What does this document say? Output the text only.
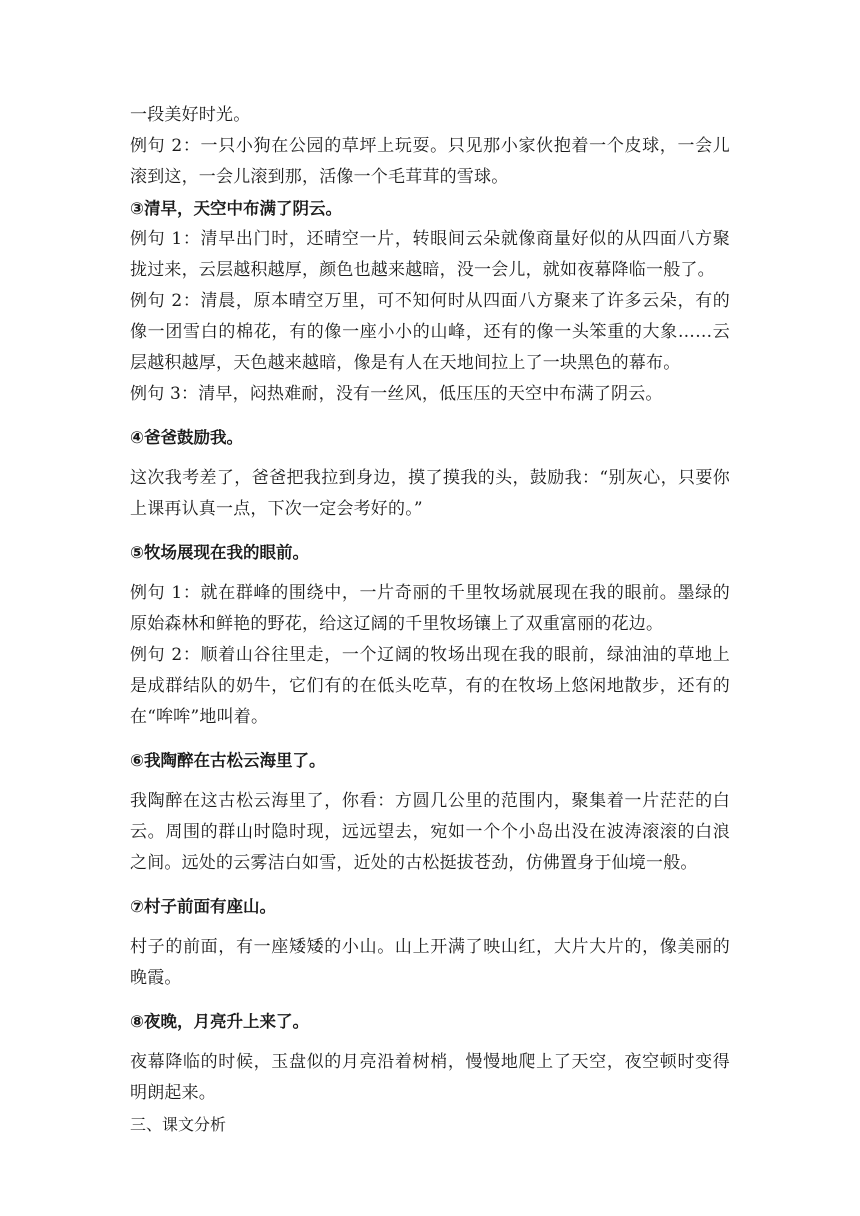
一段美好时光。

例句 2：一只小狗在公园的草坪上玩耍。只见那小家伙抱着一个皮球，一会儿滚到这，一会儿滚到那，活像一个毛茸茸的雪球。

③清早，天空中布满了阴云。

例句 1：清早出门时，还晴空一片，转眼间云朵就像商量好似的从四面八方聚拢过来，云层越积越厚，颜色也越来越暗，没一会儿，就如夜幕降临一般了。

例句 2：清晨，原本晴空万里，可不知何时从四面八方聚来了许多云朵，有的像一团雪白的棉花，有的像一座小小的山峰，还有的像一头笨重的大象……云层越积越厚，天色越来越暗，像是有人在天地间拉上了一块黑色的幕布。

例句 3：清早，闷热难耐，没有一丝风，低压压的天空中布满了阴云。

④爸爸鼓励我。

这次我考差了，爸爸把我拉到身边，摸了摸我的头，鼓励我：“别灰心，只要你上课再认真一点，下次一定会考好的。”

⑤牧场展现在我的眼前。

例句 1：就在群峰的围绕中，一片奇丽的千里牧场就展现在我的眼前。墨绿的原始森林和鲜艳的野花，给这辽阔的千里牧场镶上了双重富丽的花边。

例句 2：顺着山谷往里走，一个辽阔的牧场出现在我的眼前，绿油油的草地上是成群结队的奶牛，它们有的在低头吃草，有的在牧场上悠闲地散步，还有的在“哞哞”地叫着。

⑥我陶醉在古松云海里了。

我陶醉在这古松云海里了，你看：方圆几公里的范围内，聚集着一片茫茫的白云。周围的群山时隐时现，远远望去，宛如一个个小岛出没在波涛滚滚的白浪之间。远处的云雾洁白如雪，近处的古松挺拔苍劲，仿佛置身于仙境一般。

⑦村子前面有座山。

村子的前面，有一座矮矮的小山。山上开满了映山红，大片大片的，像美丽的晚霞。

⑧夜晚，月亮升上来了。

夜幕降临的时候，玉盘似的月亮沿着树梢，慢慢地爬上了天空，夜空顿时变得明朗起来。

三、课文分析
